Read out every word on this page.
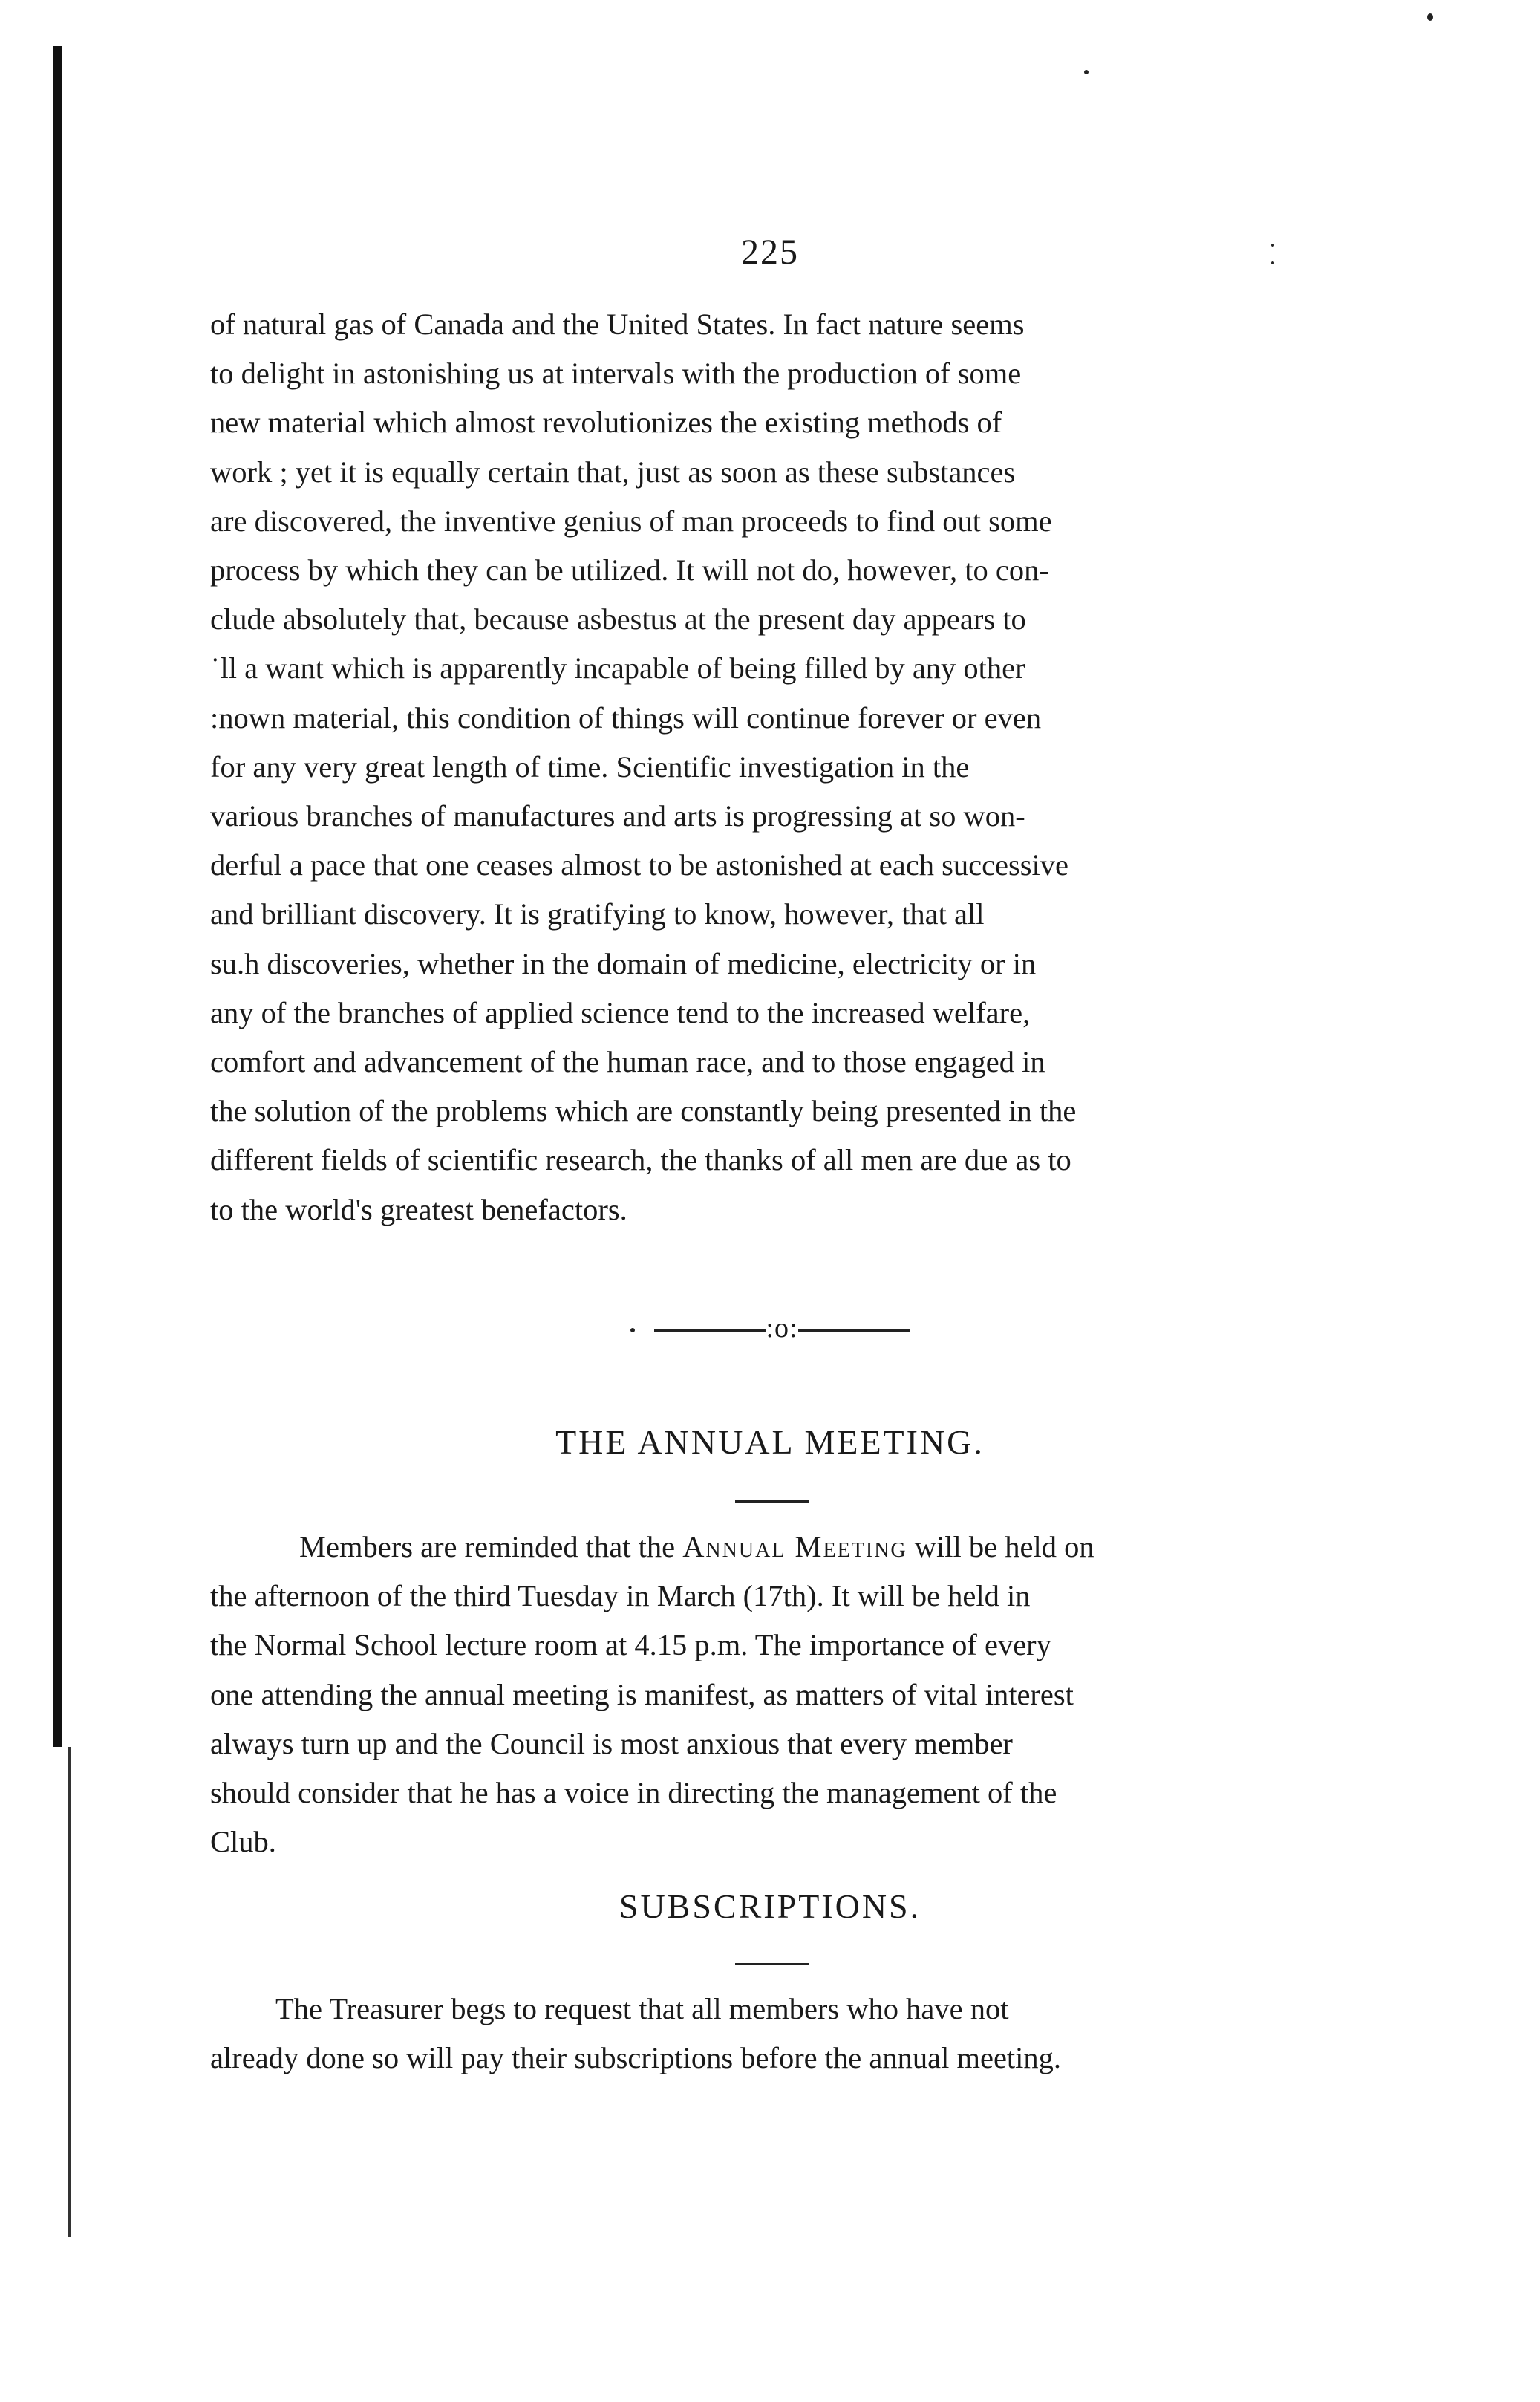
225

of natural gas of Canada and the United States. In fact nature seems

to delight in astonishing us at intervals with the production of some

new material which almost revolutionizes the existing methods of

work ; yet it is equally certain that, just as soon as these substances

are discovered, the inventive genius of man proceeds to find out some

process by which they can be utilized. It will not do, however, to con-

clude absolutely that, because asbestus at the present day appears to

˙ll a want which is apparently incapable of being filled by any other

:nown material, this condition of things will continue forever or even

for any very great length of time. Scientific investigation in the

various branches of manufactures and arts is progressing at so won-

derful a pace that one ceases almost to be astonished at each successive

and brilliant discovery. It is gratifying to know, however, that all

su.h discoveries, whether in the domain of medicine, electricity or in

any of the branches of applied science tend to the increased welfare,

comfort and advancement of the human race, and to those engaged in

the solution of the problems which are constantly being presented in the

different fields of scientific research, the thanks of all men are due as to

to the world's greatest benefactors.

:o:
THE ANNUAL MEETING.

Members are reminded that the Annual Meeting will be held on

the afternoon of the third Tuesday in March (17th). It will be held in

the Normal School lecture room at 4.15 p.m. The importance of every

one attending the annual meeting is manifest, as matters of vital interest

always turn up and the Council is most anxious that every member

should consider that he has a voice in directing the management of the

Club.

SUBSCRIPTIONS.

The Treasurer begs to request that all members who have not

already done so will pay their subscriptions before the annual meeting.
